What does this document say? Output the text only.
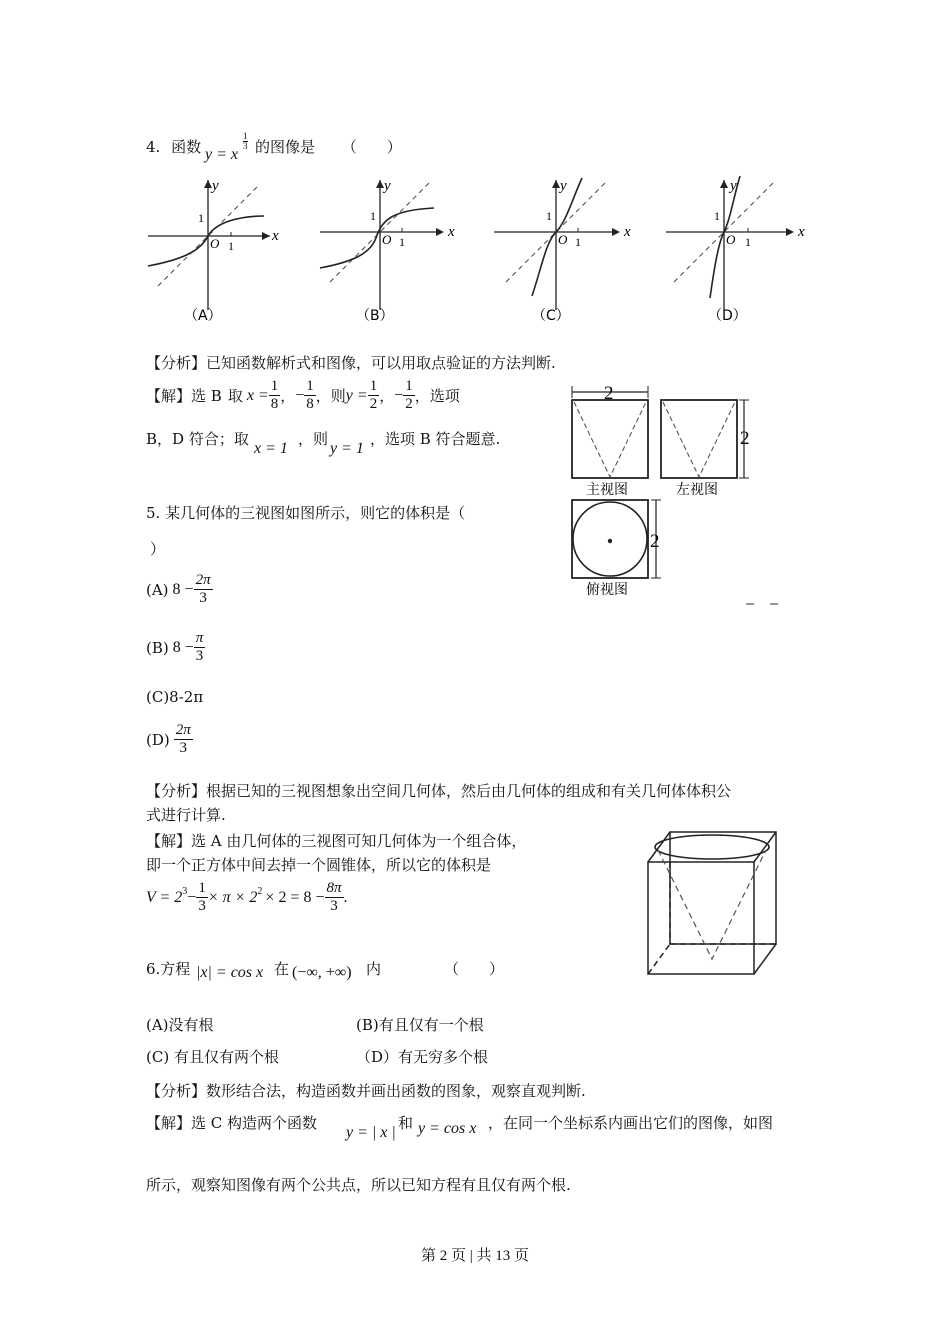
4. 函数 y = x
$\frac{1}{3}$ 的图像是 （　　）
y
x
1
1
O
（A）
y
x
1
1
O
（B）
y
x
1
1
O
（C）
y
x
1
1
O
（D）
【分析】已知函数解析式和图像，可以用取点验证的方法判断.
【解】 选 B 取 $x = \frac{1}{8}$ ， − $\frac{1}{8}$ ，则 $y = \frac{1}{2}$ ， − $\frac{1}{2}$ ，选项
B，D 符合；取
x = 1
，则
y = 1
，选项 B 符合题意.
2
主视图
2
左视图
2
俯视图
5. 某几何体的三视图如图所示，则它的体积是（
）
(A) $8 - \frac{2\pi}{3}$
(B) $8 - \frac{\pi}{3}$
(C)8-2π
$(D) \frac{2\pi}{3}$
【分析】根据已知的三视图想象出空间几何体，然后由几何体的组成和有关几何体体积公
式进行计算.
【解】选 A 由几何体的三视图可知几何体为一个组合体，
即一个正方体中间去掉一个圆锥体，所以它的体积是
$V = 2^3 - \frac{1}{3} \times \pi \times 2^2 \times 2 = 8 - \frac{8\pi}{3}$ .
6.方程 |x| = cos x 在 (−∞, +∞) 内	（　　）
(A)没有根	(B)有且仅有一个根
(C) 有且仅有两个根	（D）有无穷多个根
【分析】数形结合法，构造函数并画出函数的图象，观察直观判断.
【解】选 C 构造两个函数
y = | x |
和 y = cos x ，在同一个坐标系内画出它们的图像，如图
所示，观察知图像有两个公共点，所以已知方程有且仅有两个根.
第 2 页 | 共 13 页
